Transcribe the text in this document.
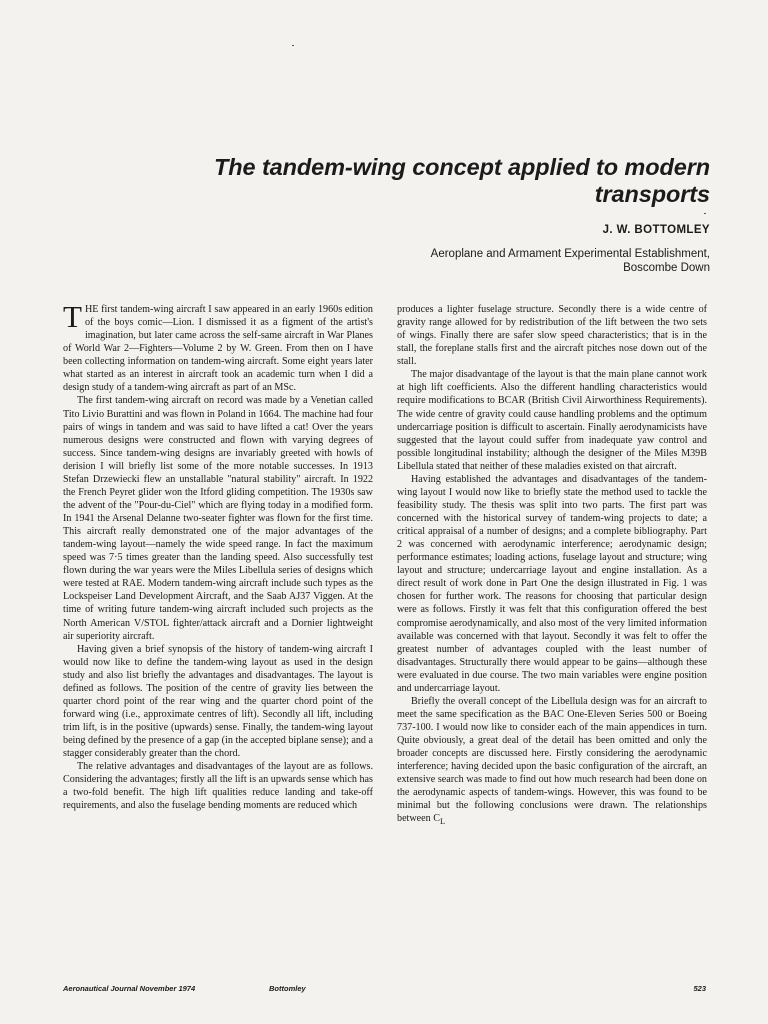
The tandem-wing concept applied to modern
transports
J. W. BOTTOMLEY
Aeroplane and Armament Experimental Establishment,
Boscombe Down

THE first tandem-wing aircraft I saw appeared in an early 1960s edition of the boys comic—Lion. I dismissed it as a figment of the artist's imagination, but later came across the self-same aircraft in War Planes of World War 2—Fighters—Volume 2 by W. Green. From then on I have been collecting information on tandem-wing aircraft. Some eight years later what started as an interest in aircraft took an academic turn when I did a design study of a tandem-wing aircraft as part of an MSc.

The first tandem-wing aircraft on record was made by a Venetian called Tito Livio Burattini and was flown in Poland in 1664. The machine had four pairs of wings in tandem and was said to have lifted a cat! Over the years numerous designs were constructed and flown with varying degrees of success. Since tandem-wing designs are invariably greeted with howls of derision I will briefly list some of the more notable successes. In 1913 Stefan Drzewiecki flew an unstallable "natural stability" aircraft. In 1922 the French Peyret glider won the Itford gliding competition. The 1930s saw the advent of the "Pour-du-Ciel" which are flying today in a modified form. In 1941 the Arsenal Delanne two-seater fighter was flown for the first time. This aircraft really demonstrated one of the major advantages of the tandem-wing layout—namely the wide speed range. In fact the maximum speed was 7·5 times greater than the landing speed. Also successfully test flown during the war years were the Miles Libellula series of designs which were tested at RAE. Modern tandem-wing aircraft include such types as the Lockspeiser Land Development Aircraft, and the Saab AJ37 Viggen. At the time of writing future tandem-wing aircraft included such projects as the North American V/STOL fighter/attack aircraft and a Dornier lightweight air superiority aircraft.

Having given a brief synopsis of the history of tandem-wing aircraft I would now like to define the tandem-wing layout as used in the design study and also list briefly the advantages and disadvantages. The layout is defined as follows. The position of the centre of gravity lies between the quarter chord point of the rear wing and the quarter chord point of the forward wing (i.e., approximate centres of lift). Secondly all lift, including trim lift, is in the positive (upwards) sense. Finally, the tandem-wing layout being defined by the presence of a gap (in the accepted biplane sense); and a stagger considerably greater than the chord.

The relative advantages and disadvantages of the layout are as follows. Considering the advantages; firstly all the lift is an upwards sense which has a two-fold benefit. The high lift qualities reduce landing and take-off requirements, and also the fuselage bending moments are reduced which

produces a lighter fuselage structure. Secondly there is a wide centre of gravity range allowed for by redistribution of the lift between the two sets of wings. Finally there are safer slow speed characteristics; that is in the stall, the foreplane stalls first and the aircraft pitches nose down out of the stall.

The major disadvantage of the layout is that the main plane cannot work at high lift coefficients. Also the different handling characteristics would require modifications to BCAR (British Civil Airworthiness Requirements). The wide centre of gravity could cause handling problems and the optimum undercarriage position is difficult to ascertain. Finally aerodynamicists have suggested that the layout could suffer from inadequate yaw control and possible longitudinal instability; although the designer of the Miles M39B Libellula stated that neither of these maladies existed on that aircraft.

Having established the advantages and disadvantages of the tandem-wing layout I would now like to briefly state the method used to tackle the feasibility study. The thesis was split into two parts. The first part was concerned with the historical survey of tandem-wing projects to date; a critical appraisal of a number of designs; and a complete bibliography. Part 2 was concerned with aerodynamic interference; aerodynamic design; performance estimates; loading actions, fuselage layout and structure; wing layout and structure; undercarriage layout and engine installation. As a direct result of work done in Part One the design illustrated in Fig. 1 was chosen for further work. The reasons for choosing that particular design were as follows. Firstly it was felt that this configuration offered the best compromise aerodynamically, and also most of the very limited information available was concerned with that layout. Secondly it was felt to offer the greatest number of advantages coupled with the least number of disadvantages. Structurally there would appear to be gains—although these were evaluated in due course. The two main variables were engine position and undercarriage layout.

Briefly the overall concept of the Libellula design was for an aircraft to meet the same specification as the BAC One-Eleven Series 500 or Boeing 737-100. I would now like to consider each of the main appendices in turn. Quite obviously, a great deal of the detail has been omitted and only the broader concepts are discussed here. Firstly considering the aerodynamic interference; having decided upon the basic configuration of the aircraft, an extensive search was made to find out how much research had been done on the aerodynamic aspects of tandem-wings. However, this was found to be minimal but the following conclusions were drawn. The relationships between $C_L$

Aeronautical Journal November 1974	Bottomley	523
